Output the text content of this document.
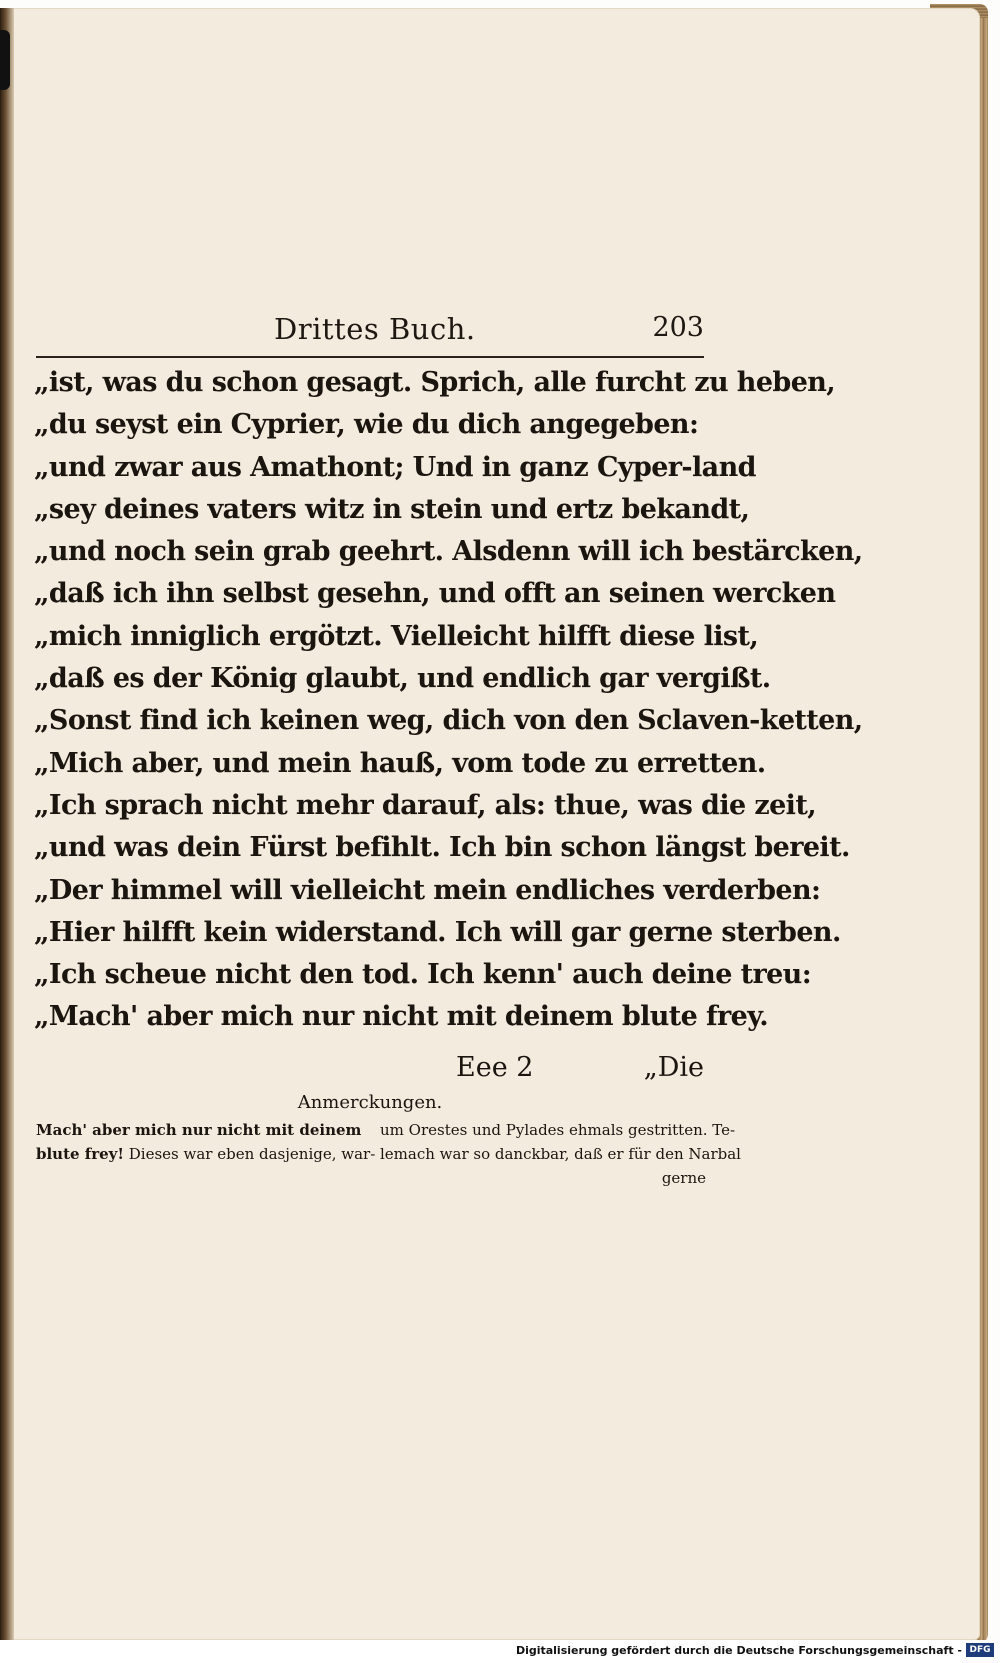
Drittes Buch.	203
„ist, was du schon gesagt. Sprich, alle furcht zu heben,
„du seyst ein Cyprier, wie du dich angegeben:
„und zwar aus Amathont; Und in ganz Cyper-land
„sey deines vaters witz in stein und ertz bekandt,
„und noch sein grab geehrt. Alsdenn will ich bestärcken,
„daß ich ihn selbst gesehn, und offt an seinen wercken
„mich inniglich ergötzt. Vielleicht hilfft diese list,
„daß es der König glaubt, und endlich gar vergißt.
„Sonst find ich keinen weg, dich von den Sclaven-ketten,
„Mich aber, und mein hauß, vom tode zu erretten.
„Ich sprach nicht mehr darauf, als: thue, was die zeit,
„und was dein Fürst befihlt. Ich bin schon längst bereit.
„Der himmel will vielleicht mein endliches verderben:
„Hier hilfft kein widerstand. Ich will gar gerne sterben.
„Ich scheue nicht den tod. Ich kenn' auch deine treu:
„Mach' aber mich nur nicht mit deinem blute frey.
Eee 2	„Die
Anmerckungen.

Mach' aber mich nur nicht mit deinem

blute frey! Dieses war eben dasjenige, war-

um Orestes und Pylades ehmals gestritten. Te-

lemach war so danckbar, daß er für den Narbal

gerne

Digitalisierung gefördert durch die Deutsche Forschungsgemeinschaft - DFG
